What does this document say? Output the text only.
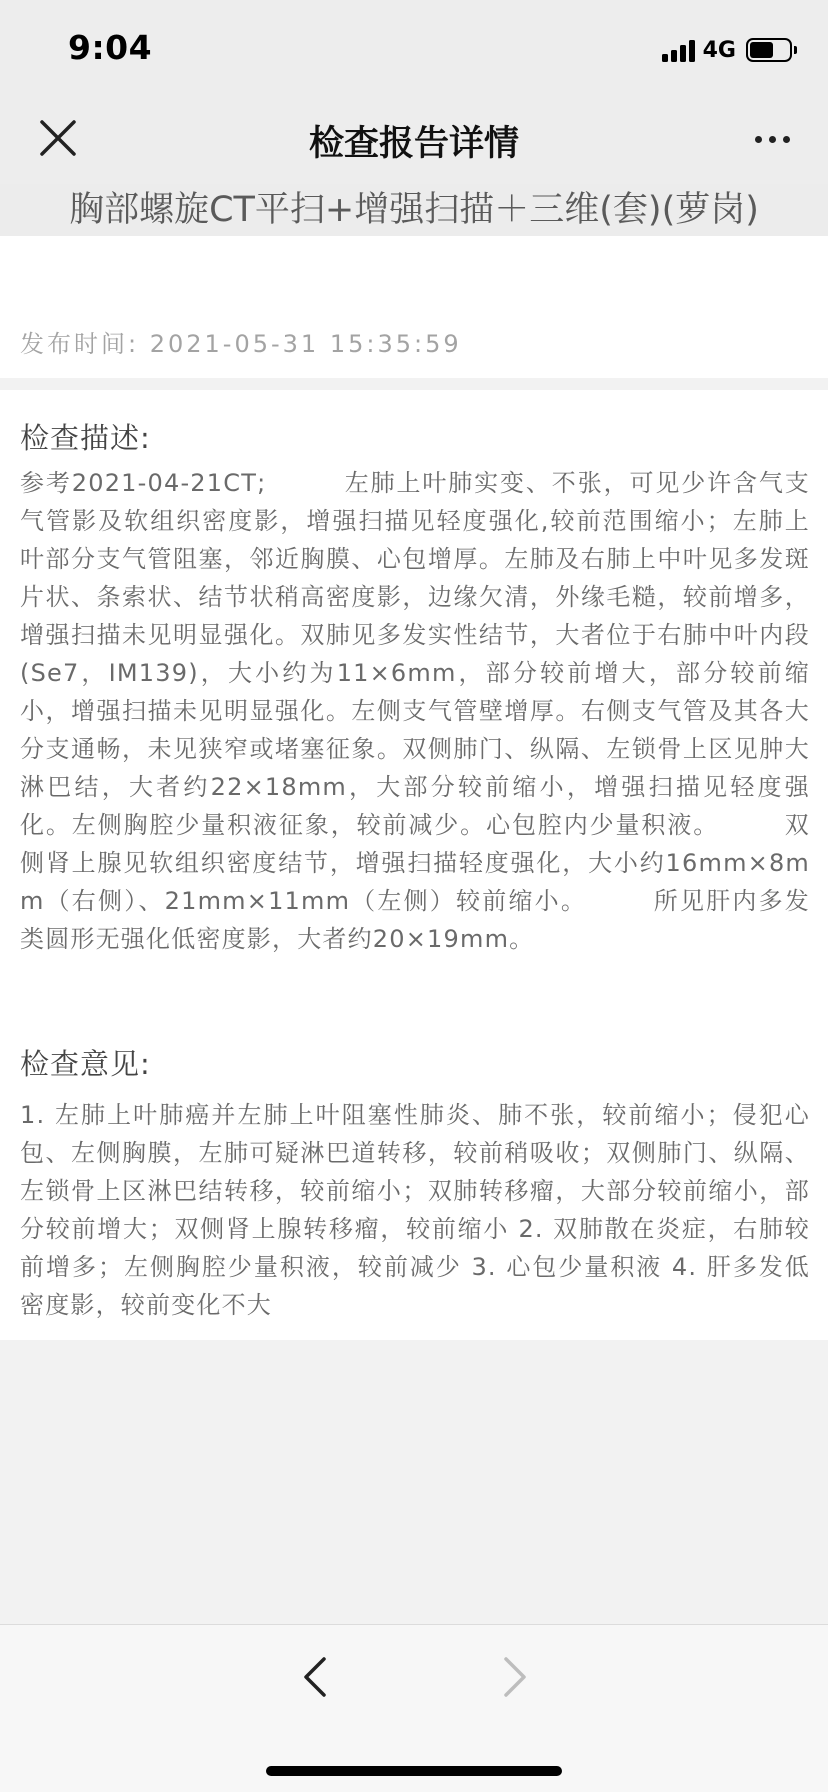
9:04	4G
检查报告详情
胸部螺旋CT平扫+增强扫描＋三维(套)(萝岗)
发布时间: 2021-05-31 15:35:59
检查描述:
参考2021-04-21CT;　　　左肺上叶肺实变、不张，可见少许含气支气管影及软组织密度影，增强扫描见轻度强化,较前范围缩小；左肺上叶部分支气管阻塞，邻近胸膜、心包增厚。左肺及右肺上中叶见多发斑片状、条索状、结节状稍高密度影，边缘欠清，外缘毛糙，较前增多，增强扫描未见明显强化。双肺见多发实性结节，大者位于右肺中叶内段(Se7，IM139)，大小约为11×6mm，部分较前增大，部分较前缩小，增强扫描未见明显强化。左侧支气管壁增厚。右侧支气管及其各大分支通畅，未见狭窄或堵塞征象。双侧肺门、纵隔、左锁骨上区见肿大淋巴结，大者约22×18mm，大部分较前缩小，增强扫描见轻度强化。左侧胸腔少量积液征象，较前减少。心包腔内少量积液。　　　双侧肾上腺见软组织密度结节，增强扫描轻度强化，大小约16mm×8mm（右侧）、21mm×11mm（左侧）较前缩小。　　　所见肝内多发类圆形无强化低密度影，大者约20×19mm。
检查意见:
1. 左肺上叶肺癌并左肺上叶阻塞性肺炎、肺不张，较前缩小；侵犯心包、左侧胸膜，左肺可疑淋巴道转移，较前稍吸收；双侧肺门、纵隔、左锁骨上区淋巴结转移，较前缩小；双肺转移瘤，大部分较前缩小，部分较前增大；双侧肾上腺转移瘤，较前缩小 2. 双肺散在炎症，右肺较前增多；左侧胸腔少量积液，较前减少 3. 心包少量积液 4. 肝多发低密度影，较前变化不大
